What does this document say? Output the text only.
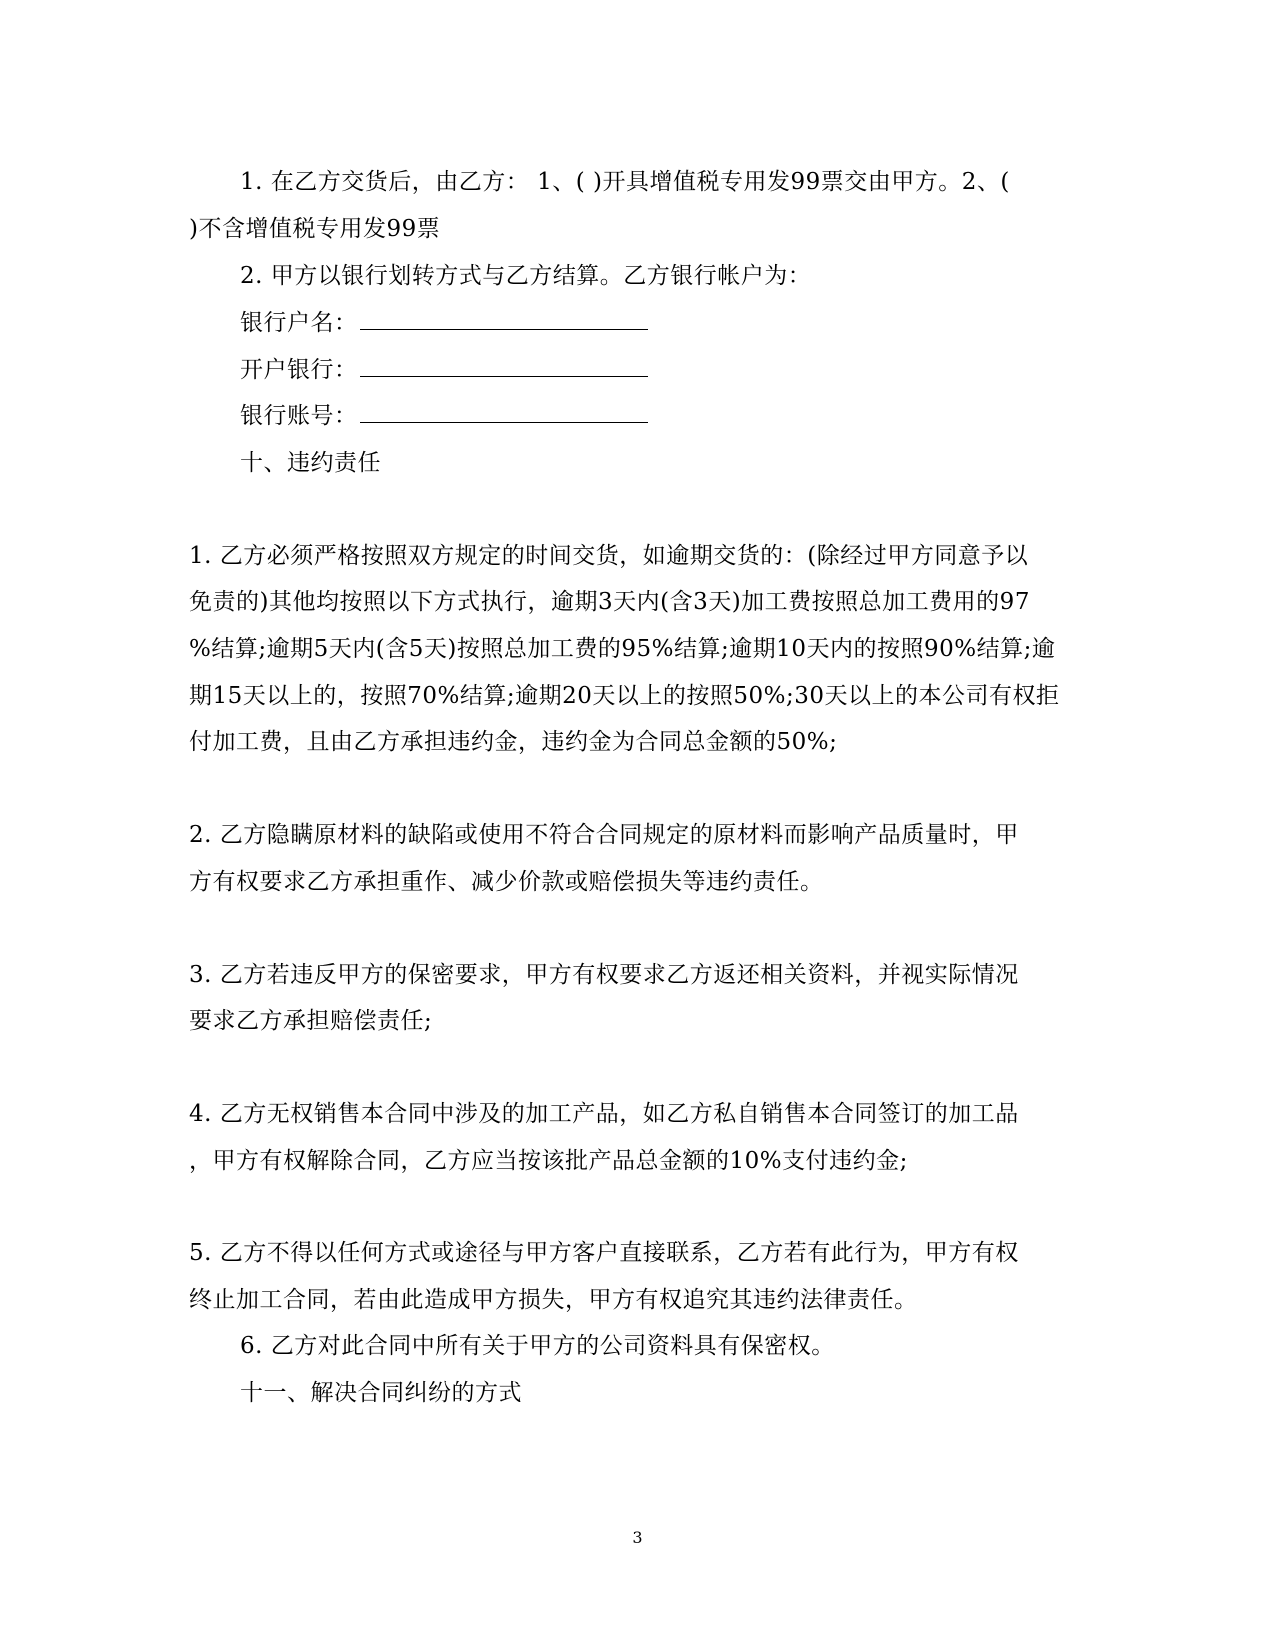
1. 在乙方交货后，由乙方： 1、( )开具增值税专用发99票交由甲方。2、(
)不含增值税专用发99票
2. 甲方以银行划转方式与乙方结算。乙方银行帐户为：
银行户名：
开户银行：
银行账号：
十、违约责任
1. 乙方必须严格按照双方规定的时间交货，如逾期交货的：(除经过甲方同意予以
免责的)其他均按照以下方式执行，逾期3天内(含3天)加工费按照总加工费用的97
%结算;逾期5天内(含5天)按照总加工费的95%结算;逾期10天内的按照90%结算;逾
期15天以上的，按照70%结算;逾期20天以上的按照50%;30天以上的本公司有权拒
付加工费，且由乙方承担违约金，违约金为合同总金额的50%;
2. 乙方隐瞒原材料的缺陷或使用不符合合同规定的原材料而影响产品质量时，甲
方有权要求乙方承担重作、减少价款或赔偿损失等违约责任。
3. 乙方若违反甲方的保密要求，甲方有权要求乙方返还相关资料，并视实际情况
要求乙方承担赔偿责任;
4. 乙方无权销售本合同中涉及的加工产品，如乙方私自销售本合同签订的加工品
，甲方有权解除合同，乙方应当按该批产品总金额的10%支付违约金;
5. 乙方不得以任何方式或途径与甲方客户直接联系，乙方若有此行为，甲方有权
终止加工合同，若由此造成甲方损失，甲方有权追究其违约法律责任。
6. 乙方对此合同中所有关于甲方的公司资料具有保密权。
十一、解决合同纠纷的方式
3
